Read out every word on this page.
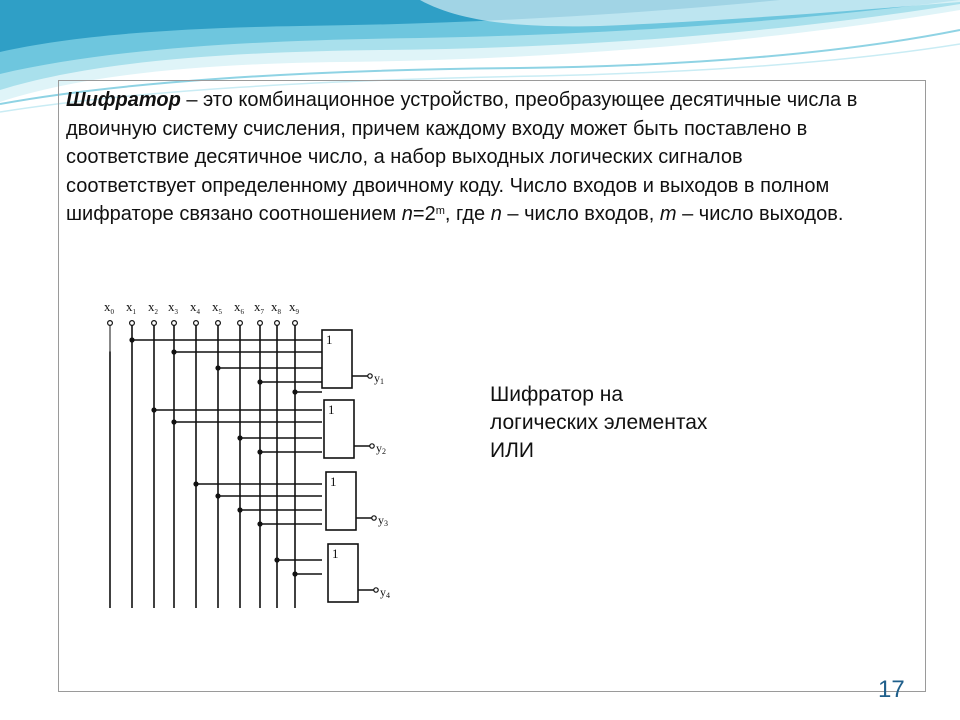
Шифратор – это комбинационное устройство, преобразующее десятичные числа в двоичную систему счисления, причем каждому входу может быть поставлено в соответствие десятичное число, а набор выходных логических сигналов соответствует определенному двоичному коду. Число входов и выходов в полном шифраторе связано соотношением $n=2^m$, где n – число входов, m – число выходов.
$x_0$ $x_1$ $x_2$ $x_3$ $x_4$ $x_5$ $x_6$ $x_7$ $x_8$ $x_9$
1
y1
1
y2
1
y3
1
y4
Шифратор на
логических элементах
ИЛИ
17
